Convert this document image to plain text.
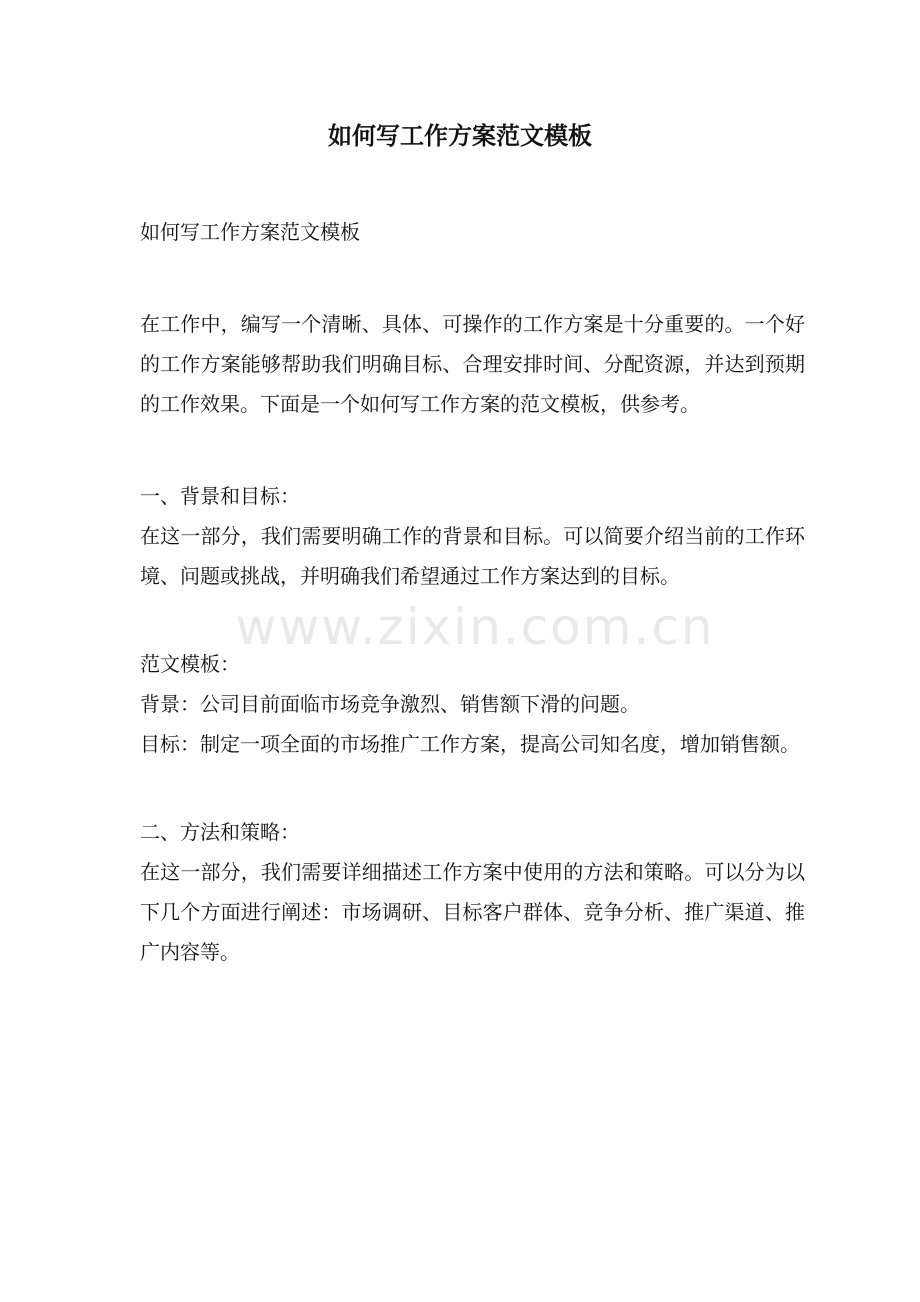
如何写工作方案范文模板

如何写工作方案范文模板

在工作中，编写一个清晰、具体、可操作的工作方案是十分重要的。一个好的工作方案能够帮助我们明确目标、合理安排时间、分配资源，并达到预期的工作效果。下面是一个如何写工作方案的范文模板，供参考。

一、背景和目标：

在这一部分，我们需要明确工作的背景和目标。可以简要介绍当前的工作环境、问题或挑战，并明确我们希望通过工作方案达到的目标。

范文模板：

背景：公司目前面临市场竞争激烈、销售额下滑的问题。

目标：制定一项全面的市场推广工作方案，提高公司知名度，增加销售额。

二、方法和策略：

在这一部分，我们需要详细描述工作方案中使用的方法和策略。可以分为以下几个方面进行阐述：市场调研、目标客户群体、竞争分析、推广渠道、推广内容等。

www.zixin.com.cn
